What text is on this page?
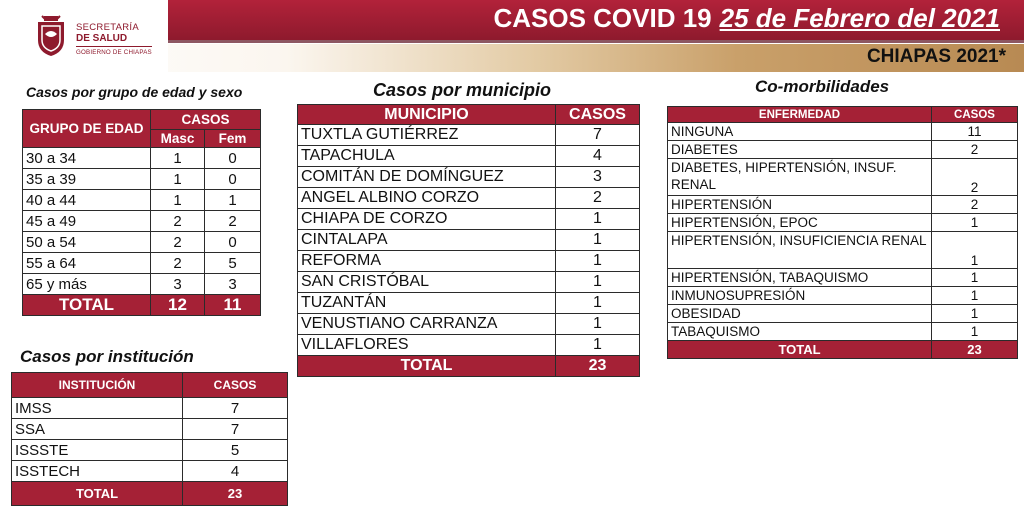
SECRETARÍA
DE SALUD
GOBIERNO DE CHIAPAS
CASOS COVID 19 25 de Febrero del 2021
CHIAPAS 2021*
Casos por grupo de edad y sexo	Casos por municipio	Co-morbilidades
Casos por institución
GRUPO DE EDAD	CASOS	
	Masc	Fem
30 a 34	1	0
35 a 39	1	0
40 a 44	1	1
45 a 49	2	2
50 a 54	2	0
55 a 64	2	5
65 y más	3	3
TOTAL	12	11
MUNICIPIO	CASOS
TUXTLA GUTIÉRREZ	7
TAPACHULA	4
COMITÁN DE DOMÍNGUEZ	3
ANGEL ALBINO CORZO	2
CHIAPA DE CORZO	1
CINTALAPA	1
REFORMA	1
SAN CRISTÓBAL	1
TUZANTÁN	1
VENUSTIANO CARRANZA	1
VILLAFLORES	1
TOTAL	23
ENFERMEDAD	CASOS
NINGUNA	11
DIABETES	2
DIABETES, HIPERTENSIÓN, INSUF. RENAL	2
HIPERTENSIÓN	2
HIPERTENSIÓN, EPOC	1
HIPERTENSIÓN, INSUFICIENCIA RENAL	1
HIPERTENSIÓN, TABAQUISMO	1
INMUNOSUPRESIÓN	1
OBESIDAD	1
TABAQUISMO	1
TOTAL	23
INSTITUCIÓN	CASOS
IMSS	7
SSA	7
ISSSTE	5
ISSTECH	4
TOTAL	23
